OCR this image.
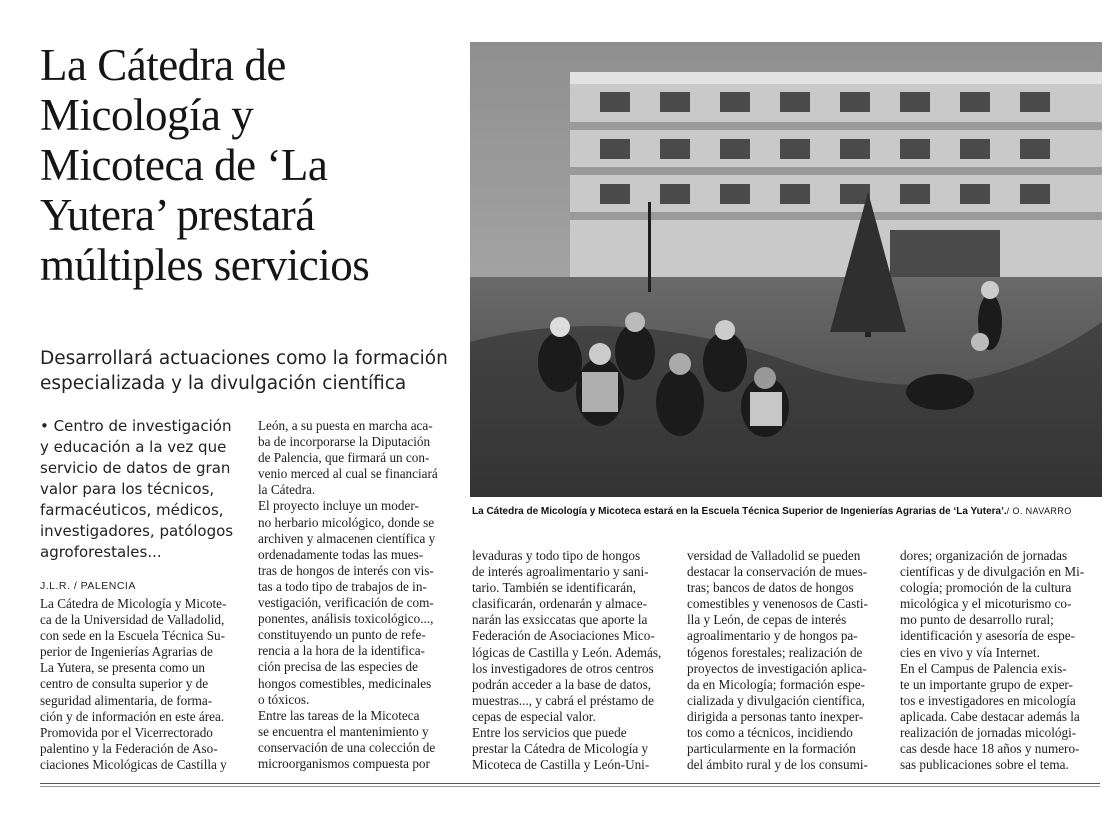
La Cátedra de
Micología y
Micoteca de ‘La
Yutera’ prestará
múltiples servicios
Desarrollará actuaciones como la formación
especializada y la divulgación científica
• Centro de investigación
y educación a la vez que
servicio de datos de gran
valor para los técnicos,
farmacéuticos, médicos,
investigadores, patólogos
agroforestales...
J.L.R. / PALENCIA
La Cátedra de Micología y Micote-
ca de la Universidad de Valladolid,
con sede en la Escuela Técnica Su-
perior de Ingenierías Agrarias de
La Yutera, se presenta como un
centro de consulta superior y de
seguridad alimentaria, de forma-
ción y de información en este área.
Promovida por el Vicerrectorado
palentino y la Federación de Aso-
ciaciones Micológicas de Castilla y
León, a su puesta en marcha aca-
ba de incorporarse la Diputación
de Palencia, que firmará un con-
venio merced al cual se financiará
la Cátedra.
El proyecto incluye un moder-
no herbario micológico, donde se
archiven y almacenen científica y
ordenadamente todas las mues-
tras de hongos de interés con vis-
tas a todo tipo de trabajos de in-
vestigación, verificación de com-
ponentes, análisis toxicológico...,
constituyendo un punto de refe-
rencia a la hora de la identifica-
ción precisa de las especies de
hongos comestibles, medicinales
o tóxicos.
Entre las tareas de la Micoteca
se encuentra el mantenimiento y
conservación de una colección de
microorganismos compuesta por
levaduras y todo tipo de hongos
de interés agroalimentario y sani-
tario. También se identificarán,
clasificarán, ordenarán y almace-
narán las exsiccatas que aporte la
Federación de Asociaciones Mico-
lógicas de Castilla y León. Además,
los investigadores de otros centros
podrán acceder a la base de datos,
muestras..., y cabrá el préstamo de
cepas de especial valor.
Entre los servicios que puede
prestar la Cátedra de Micología y
Micoteca de Castilla y León-Uni-
versidad de Valladolid se pueden
destacar la conservación de mues-
tras; bancos de datos de hongos
comestibles y venenosos de Casti-
lla y León, de cepas de interés
agroalimentario y de hongos pa-
tógenos forestales; realización de
proyectos de investigación aplica-
da en Micología; formación espe-
cializada y divulgación científica,
dirigida a personas tanto inexper-
tos como a técnicos, incidiendo
particularmente en la formación
del ámbito rural y de los consumi-
dores; organización de jornadas
científicas y de divulgación en Mi-
cología; promoción de la cultura
micológica y el micoturismo co-
mo punto de desarrollo rural;
identificación y asesoría de espe-
cies en vivo y vía Internet.
En el Campus de Palencia exis-
te un importante grupo de exper-
tos e investigadores en micología
aplicada. Cabe destacar además la
realización de jornadas micológi-
cas desde hace 18 años y numero-
sas publicaciones sobre el tema.
La Cátedra de Micología y Micoteca estará en la Escuela Técnica Superior de Ingenierías Agrarias de ‘La Yutera’./ O. NAVARRO
